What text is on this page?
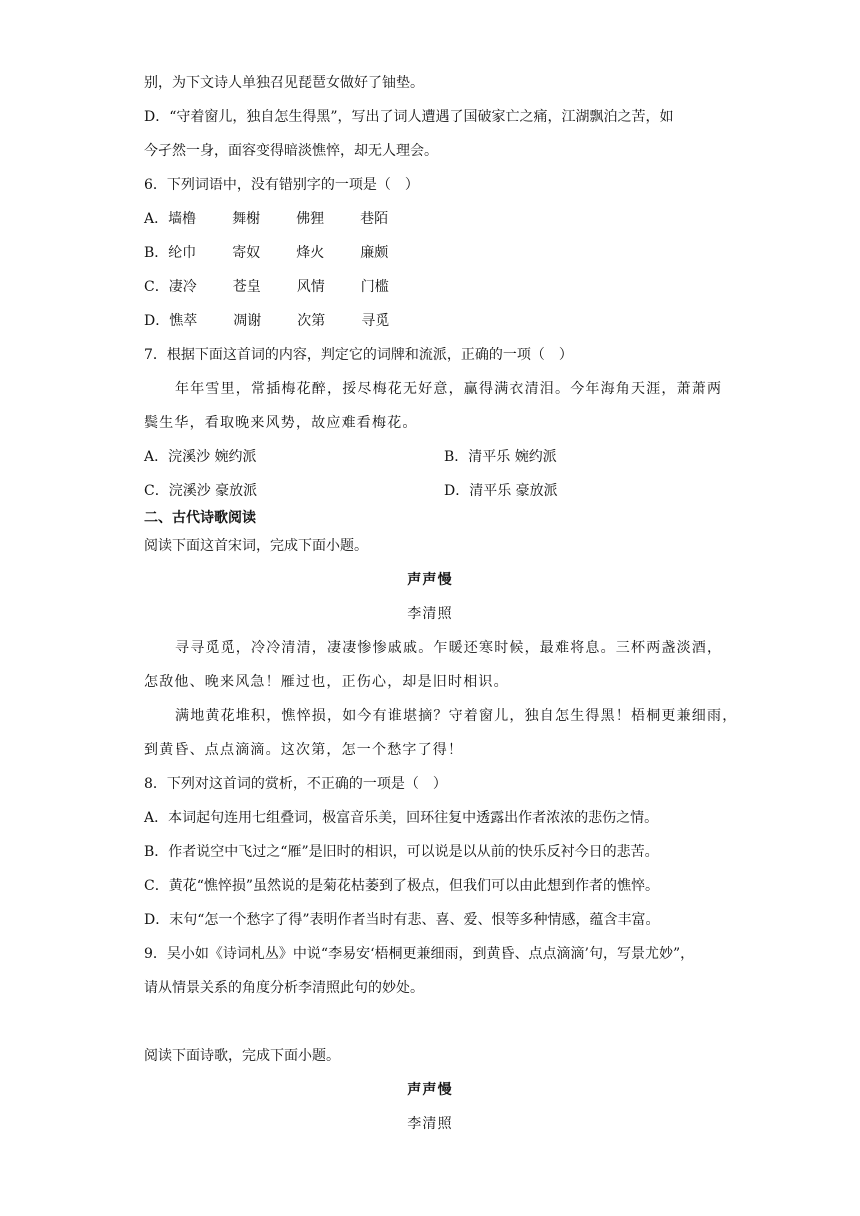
别，为下文诗人单独召见琵琶女做好了铀垫。
D．“守着窗儿，独自怎生得黑”，写出了词人遭遇了国破家亡之痛，江湖飘泊之苦，如
今孑然一身，面容变得暗淡憔悴，却无人理会。
6．下列词语中，没有错别字的一项是（　）
A．墙橹	舞榭	佛狸	巷陌
B．纶巾	寄奴	烽火	廉颇
C．凄冷	苍皇	风情	门槛
D．憔萃	凋谢	次第	寻觅
7．根据下面这首词的内容，判定它的词牌和流派，正确的一项（　）
年年雪里，常插梅花醉，挼尽梅花无好意，赢得满衣清泪。今年海角天涯，萧萧两
鬓生华，看取晚来风势，故应难看梅花。
A．浣溪沙 婉约派	B．清平乐 婉约派
C．浣溪沙 豪放派	D．清平乐 豪放派
二、古代诗歌阅读
阅读下面这首宋词，完成下面小题。
声声慢
李清照
寻寻觅觅，冷冷清清，凄凄惨惨戚戚。乍暖还寒时候，最难将息。三杯两盏淡酒，
怎敌他、晚来风急！雁过也，正伤心，却是旧时相识。
满地黄花堆积，憔悴损，如今有谁堪摘？守着窗儿，独自怎生得黑！梧桐更兼细雨，
到黄昏、点点滴滴。这次第，怎一个愁字了得！
8．下列对这首词的赏析，不正确的一项是（　）
A．本词起句连用七组叠词，极富音乐美，回环往复中透露出作者浓浓的悲伤之情。
B．作者说空中飞过之“雁”是旧时的相识，可以说是以从前的快乐反衬今日的悲苦。
C．黄花“憔悴损”虽然说的是菊花枯萎到了极点，但我们可以由此想到作者的憔悴。
D．末句“怎一个愁字了得”表明作者当时有悲、喜、爱、恨等多种情感，蕴含丰富。
9．吴小如《诗词札丛》中说“李易安‘梧桐更兼细雨，到黄昏、点点滴滴’句，写景尤妙”，
请从情景关系的角度分析李清照此句的妙处。
阅读下面诗歌，完成下面小题。
声声慢
李清照
